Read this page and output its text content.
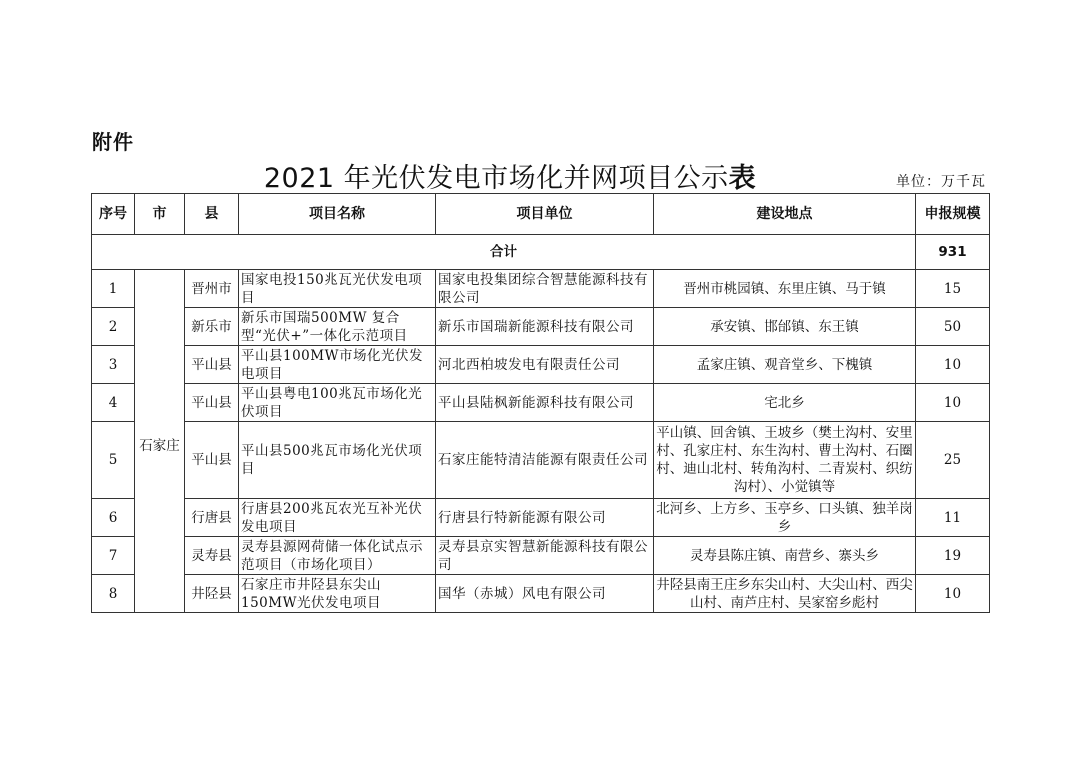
附件
2021 年光伏发电市场化并网项目公示表	单位：万千瓦
序号	市	县	项目名称	项目单位	建设地点	申报规模
合计						931
1	石家庄	晋州市	国家电投150兆瓦光伏发电项目	国家电投集团综合智慧能源科技有限公司	晋州市桃园镇、东里庄镇、马于镇	15
2		新乐市	新乐市国瑞500MW 复合型“光伏+”一体化示范项目	新乐市国瑞新能源科技有限公司	承安镇、邯邰镇、东王镇	50
3		平山县	平山县100MW市场化光伏发电项目	河北西柏坡发电有限责任公司	孟家庄镇、观音堂乡、下槐镇	10
4		平山县	平山县粤电100兆瓦市场化光伏项目	平山县陆枫新能源科技有限公司	宅北乡	10
5		平山县	平山县500兆瓦市场化光伏项目	石家庄能特清洁能源有限责任公司	平山镇、回舍镇、王坡乡（樊土沟村、安里村、孔家庄村、东生沟村、曹土沟村、石圈村、迪山北村、转角沟村、二青炭村、织纺沟村）、小觉镇等	25
6		行唐县	行唐县200兆瓦农光互补光伏发电项目	行唐县行特新能源有限公司	北河乡、上方乡、玉亭乡、口头镇、独羊岗乡	11
7		灵寿县	灵寿县源网荷储一体化试点示范项目（市场化项目）	灵寿县京实智慧新能源科技有限公司	灵寿县陈庄镇、南营乡、寨头乡	19
8		井陉县	石家庄市井陉县东尖山150MW光伏发电项目	国华（赤城）风电有限公司	井陉县南王庄乡东尖山村、大尖山村、西尖山村、南芦庄村、吴家窑乡彪村	10
